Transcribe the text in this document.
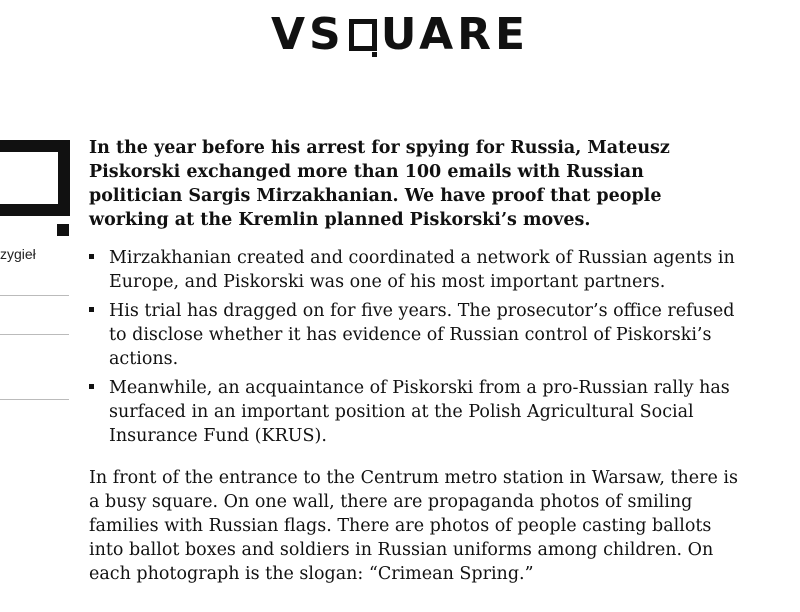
VS UARE
zygieł

In the year before his arrest for spying for Russia, Mateusz Piskorski exchanged more than 100 emails with Russian politician Sargis Mirzakhanian. We have proof that people working at the Kremlin planned Piskorski’s moves.

Mirzakhanian created and coordinated a network of Russian agents in Europe, and Piskorski was one of his most important partners.
His trial has dragged on for five years. The prosecutor’s office refused to disclose whether it has evidence of Russian control of Piskorski’s actions.
Meanwhile, an acquaintance of Piskorski from a pro-Russian rally has surfaced in an important position at the Polish Agricultural Social Insurance Fund (KRUS).

In front of the entrance to the Centrum metro station in Warsaw, there is a busy square. On one wall, there are propaganda photos of smiling families with Russian flags. There are photos of people casting ballots into ballot boxes and soldiers in Russian uniforms among children. On each photograph is the slogan: “Crimean Spring.”
